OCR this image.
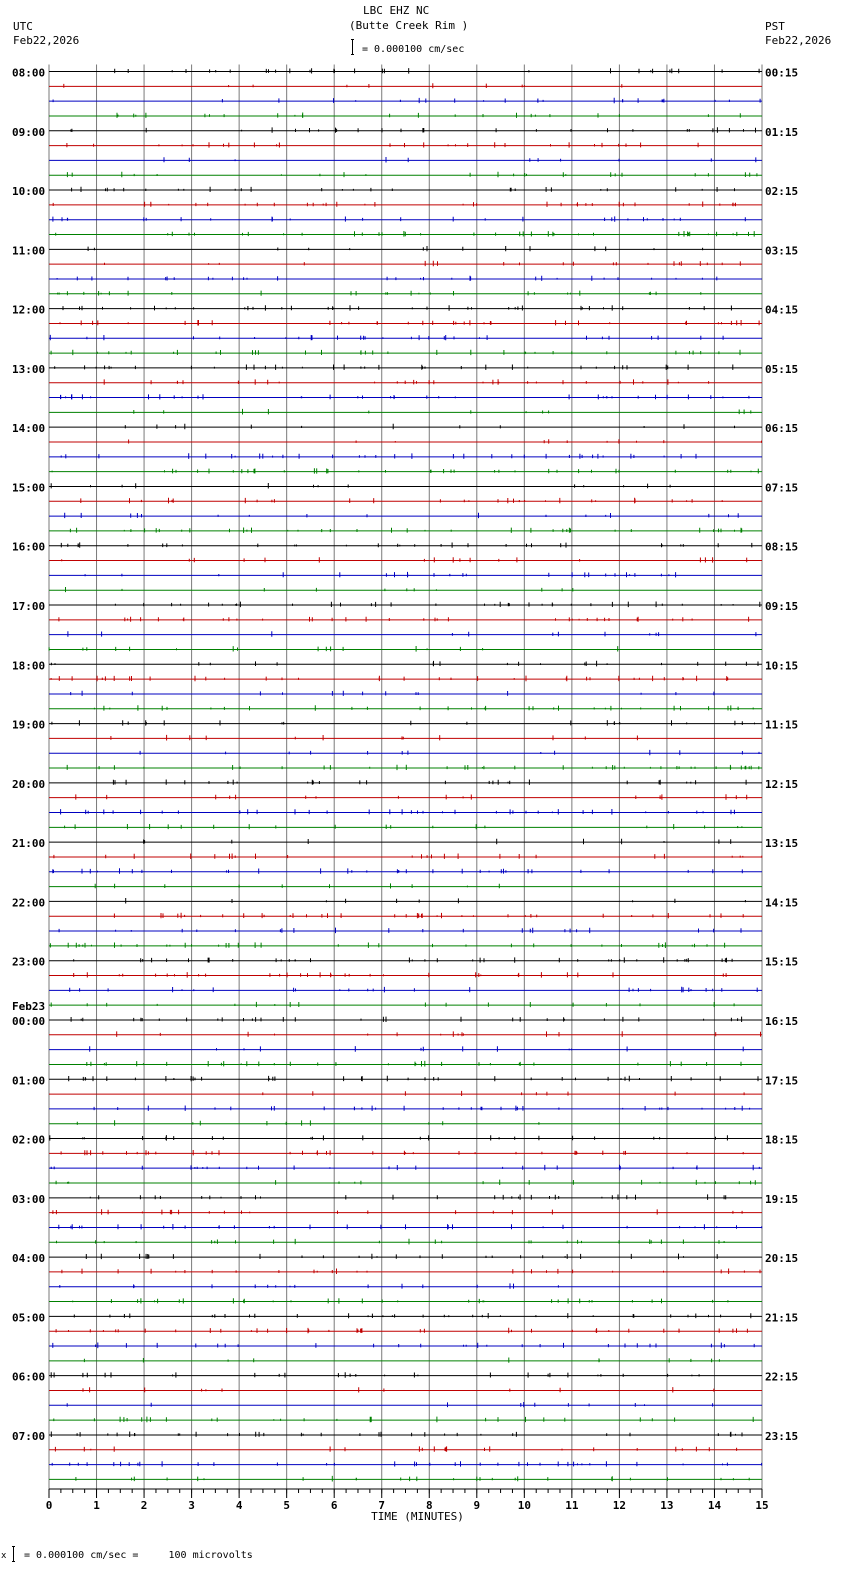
LBC EHZ NC
(Butte Creek Rim )
= 0.000100 cm/sec
UTC
Feb22,2026
PST
Feb22,2026
08:00
09:00
10:00
11:00
12:00
13:00
14:00
15:00
16:00
17:00
18:00
19:00
20:00
21:00
22:00
23:00
00:00
Feb23
01:00
02:00
03:00
04:00
05:00
06:00
07:00
00:15
01:15
02:15
03:15
04:15
05:15
06:15
07:15
08:15
09:15
10:15
11:15
12:15
13:15
14:15
15:15
16:15
17:15
18:15
19:15
20:15
21:15
22:15
23:15
0	1	2	3	4	5	6	7	8	9	10	11	12	13	14	15
TIME (MINUTES)
x = 0.000100 cm/sec =     100 microvolts
